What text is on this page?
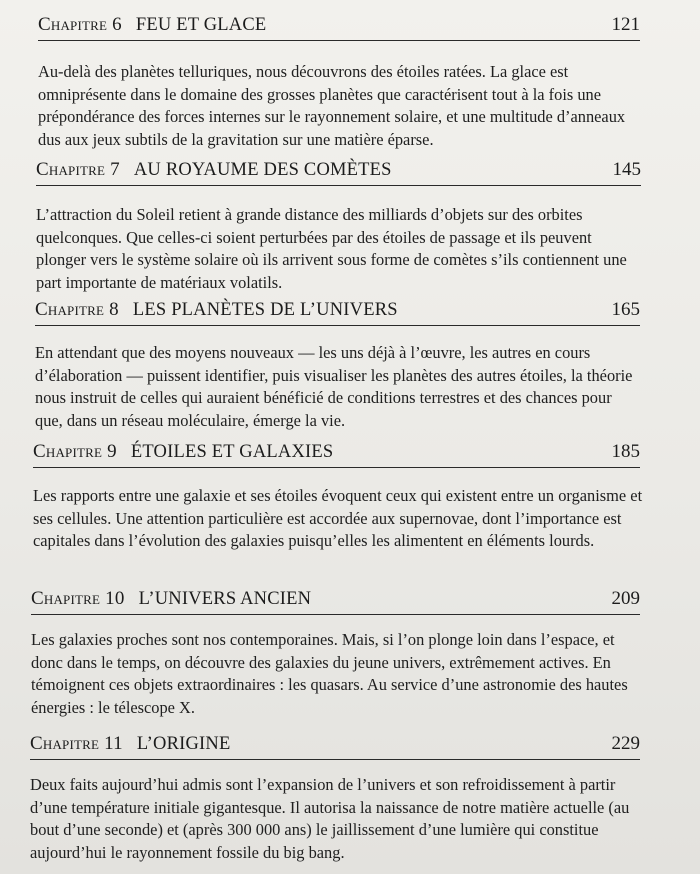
Chapitre 6 FEU ET GLACE	121

Au-delà des planètes telluriques, nous découvrons des étoiles ratées. La glace est omniprésente dans le domaine des grosses planètes que caractérisent tout à la fois une prépondérance des forces internes sur le rayonnement solaire, et une multitude d’anneaux dus aux jeux subtils de la gravitation sur une matière éparse.

Chapitre 7 AU ROYAUME DES COMÈTES	145

L’attraction du Soleil retient à grande distance des milliards d’objets sur des orbites quelconques. Que celles-ci soient perturbées par des étoiles de passage et ils peuvent plonger vers le système solaire où ils arrivent sous forme de comètes s’ils contiennent une part importante de matériaux volatils.

Chapitre 8 LES PLANÈTES DE L’UNIVERS	165

En attendant que des moyens nouveaux — les uns déjà à l’œuvre, les autres en cours d’élaboration — puissent identifier, puis visualiser les planètes des autres étoiles, la théorie nous instruit de celles qui auraient bénéficié de conditions terrestres et des chances pour que, dans un réseau moléculaire, émerge la vie.

Chapitre 9 ÉTOILES ET GALAXIES	185

Les rapports entre une galaxie et ses étoiles évoquent ceux qui existent entre un organisme et ses cellules. Une attention particulière est accordée aux supernovae, dont l’importance est capitales dans l’évolution des galaxies puisqu’elles les alimentent en éléments lourds.

Chapitre 10 L’UNIVERS ANCIEN	209

Les galaxies proches sont nos contemporaines. Mais, si l’on plonge loin dans l’espace, et donc dans le temps, on découvre des galaxies du jeune univers, extrêmement actives. En témoignent ces objets extraordinaires : les quasars. Au service d’une astronomie des hautes énergies : le télescope X.

Chapitre 11 L’ORIGINE	229

Deux faits aujourd’hui admis sont l’expansion de l’univers et son refroidissement à partir d’une température initiale gigantesque. Il autorisa la naissance de notre matière actuelle (au bout d’une seconde) et (après 300 000 ans) le jaillissement d’une lumière qui constitue aujourd’hui le rayonnement fossile du big bang.
